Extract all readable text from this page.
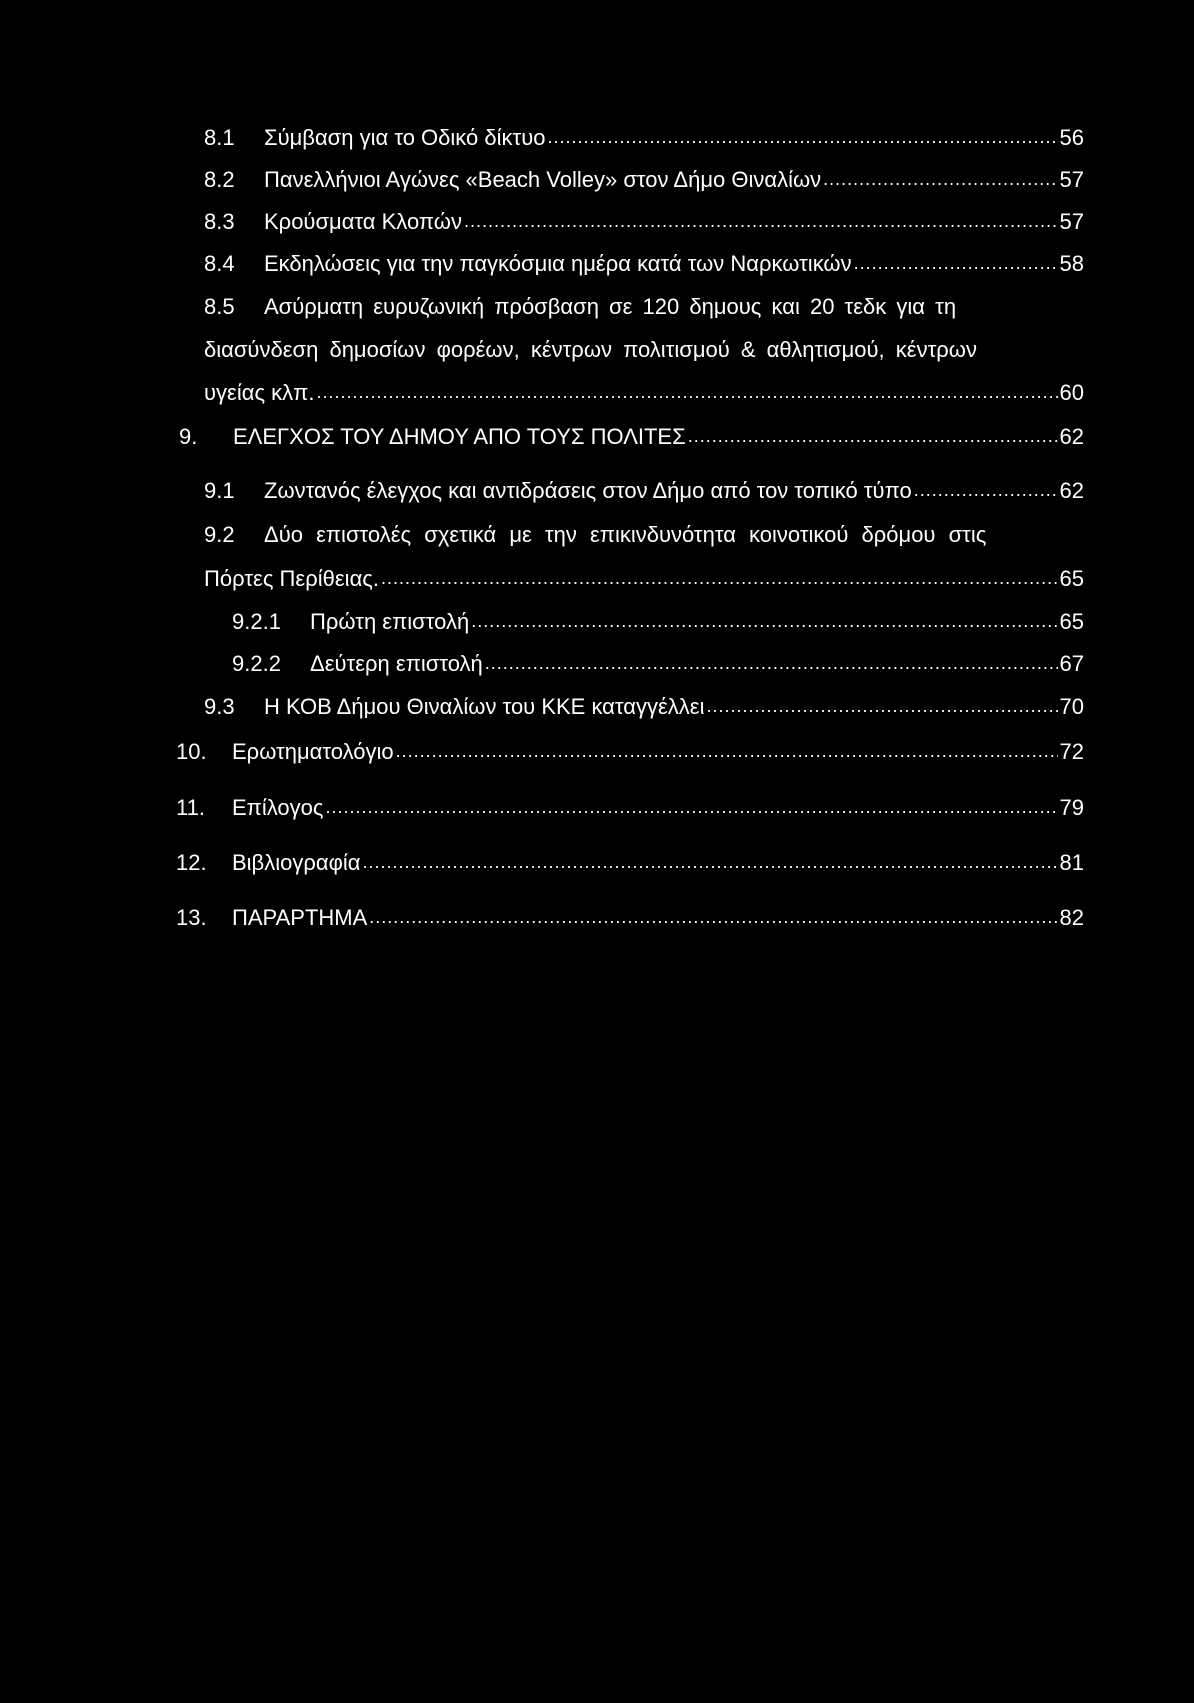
8.1	Σύμβαση για το Οδικό δίκτυο .....	56
8.2	Πανελλήνιοι Αγώνες «Beach Volley» στον Δήμο Θιναλίων .....	57
8.3	Κρούσματα Κλοπών .....	57
8.4	Εκδηλώσεις για την παγκόσμια ημέρα κατά των Ναρκωτικών .....	58
8.5	Ασύρματη ευρυζωνική πρόσβαση σε 120 δημους και 20 τεδκ για τη
διασύνδεση δημοσίων φορέων, κέντρων πολιτισμού & αθλητισμού, κέντρων
υγείας κλπ. .....	60
9.	ΕΛΕΓΧΟΣ ΤΟΥ ΔΗΜΟΥ ΑΠΟ ΤΟΥΣ ΠΟΛΙΤΕΣ .....	62
9.1	Ζωντανός έλεγχος και αντιδράσεις στον Δήμο από τον τοπικό τύπο .....	62
9.2	Δύο επιστολές σχετικά με την επικινδυνότητα κοινοτικού δρόμου στις
Πόρτες Περίθειας. .....	65
9.2.1	Πρώτη επιστολή .....	65
9.2.2	Δεύτερη επιστολή .....	67
9.3	Η ΚΟΒ Δήμου Θιναλίων του ΚΚΕ καταγγέλλει .....	70
10.	Ερωτηματολόγιο .....	72
11.	Επίλογος .....	79
12.	Βιβλιογραφία .....	81
13.	ΠΑΡΑΡΤΗΜΑ .....	82
